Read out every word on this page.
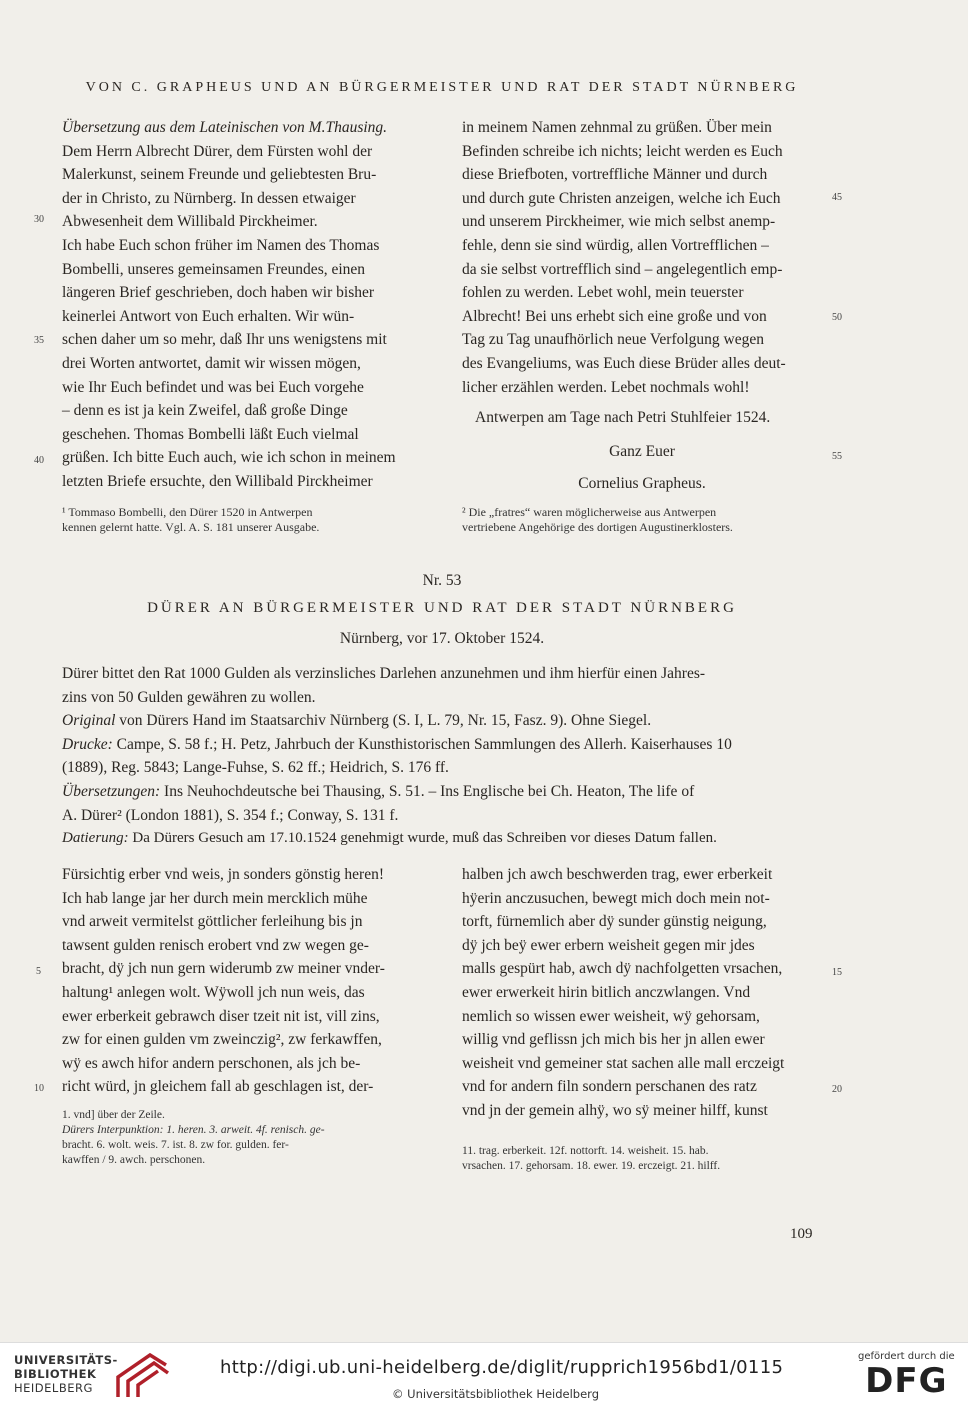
VON C. GRAPHEUS UND AN BÜRGERMEISTER UND RAT DER STADT NÜRNBERG
Übersetzung aus dem Lateinischen von M.Thausing.
Dem Herrn Albrecht Dürer, dem Fürsten wohl der
Malerkunst, seinem Freunde und geliebtesten Bru-
der in Christo, zu Nürnberg. In dessen etwaiger
Abwesenheit dem Willibald Pirckheimer.
Ich habe Euch schon früher im Namen des Thomas
Bombelli, unseres gemeinsamen Freundes, einen
längeren Brief geschrieben, doch haben wir bisher
keinerlei Antwort von Euch erhalten. Wir wün-
schen daher um so mehr, daß Ihr uns wenigstens mit
drei Worten antwortet, damit wir wissen mögen,
wie Ihr Euch befindet und was bei Euch vorgehe
– denn es ist ja kein Zweifel, daß große Dinge
geschehen. Thomas Bombelli läßt Euch vielmal
grüßen. Ich bitte Euch auch, wie ich schon in meinem
letzten Briefe ersuchte, den Willibald Pirckheimer
30
35
40
in meinem Namen zehnmal zu grüßen. Über mein
Befinden schreibe ich nichts; leicht werden es Euch
diese Briefboten, vortreffliche Männer und durch
und durch gute Christen anzeigen, welche ich Euch
und unserem Pirckheimer, wie mich selbst anemp-
fehle, denn sie sind würdig, allen Vortrefflichen –
da sie selbst vortrefflich sind – angelegentlich emp-
fohlen zu werden. Lebet wohl, mein teuerster
Albrecht! Bei uns erhebt sich eine große und von
Tag zu Tag unaufhörlich neue Verfolgung wegen
des Evangeliums, was Euch diese Brüder alles deut-
licher erzählen werden. Lebet nochmals wohl!
Antwerpen am Tage nach Petri Stuhlfeier 1524.
Ganz Euer
Cornelius Grapheus.
45
50
55
¹ Tommaso Bombelli, den Dürer 1520 in Antwerpen
kennen gelernt hatte. Vgl. A. S. 181 unserer Ausgabe.
² Die „fratres“ waren möglicherweise aus Antwerpen
vertriebene Angehörige des dortigen Augustinerklosters.
Nr. 53
DÜRER AN BÜRGERMEISTER UND RAT DER STADT NÜRNBERG
Nürnberg, vor 17. Oktober 1524.
Dürer bittet den Rat 1000 Gulden als verzinsliches Darlehen anzunehmen und ihm hierfür einen Jahres-
zins von 50 Gulden gewähren zu wollen.
Original von Dürers Hand im Staatsarchiv Nürnberg (S. I, L. 79, Nr. 15, Fasz. 9). Ohne Siegel.
Drucke: Campe, S. 58 f.; H. Petz, Jahrbuch der Kunsthistorischen Sammlungen des Allerh. Kaiserhauses 10
(1889), Reg. 5843; Lange-Fuhse, S. 62 ff.; Heidrich, S. 176 ff.
Übersetzungen: Ins Neuhochdeutsche bei Thausing, S. 51. – Ins Englische bei Ch. Heaton, The life of
A. Dürer² (London 1881), S. 354 f.; Conway, S. 131 f.
Datierung: Da Dürers Gesuch am 17.10.1524 genehmigt wurde, muß das Schreiben vor dieses Datum fallen.
Fürsichtig erber vnd weis, jn sonders gönstig heren!
Ich hab lange jar her durch mein mercklich mühe
vnd arweit vermitelst göttlicher ferleihung bis jn
tawsent gulden renisch erobert vnd zw wegen ge-
bracht, dÿ jch nun gern widerumb zw meiner vnder-
haltung¹ anlegen wolt. Wÿwoll jch nun weis, das
ewer erberkeit gebrawch diser tzeit nit ist, vill zins,
zw for einen gulden vm zweinczig², zw ferkawffen,
wÿ es awch hifor andern perschonen, als jch be-
richt würd, jn gleichem fall ab geschlagen ist, der-
5
10
halben jch awch beschwerden trag, ewer erberkeit
hÿerin anczusuchen, bewegt mich doch mein not-
torft, fürnemlich aber dÿ sunder günstig neigung,
dÿ jch beÿ ewer erbern weisheit gegen mir jdes
malls gespürt hab, awch dÿ nachfolgetten vrsachen,
ewer erwerkeit hirin bitlich anczwlangen. Vnd
nemlich so wissen ewer weisheit, wÿ gehorsam,
willig vnd geflissn jch mich bis her jn allen ewer
weisheit vnd gemeiner stat sachen alle mall erczeigt
vnd for andern filn sondern perschanen des ratz
vnd jn der gemein alhÿ, wo sÿ meiner hilff, kunst
15
20
1. vnd] über der Zeile.
Dürers Interpunktion: 1. heren. 3. arweit. 4f. renisch. ge-
bracht. 6. wolt. weis. 7. ist. 8. zw for. gulden. fer-
kawffen / 9. awch. perschonen.
11. trag. erberkeit. 12f. nottorft. 14. weisheit. 15. hab.
vrsachen. 17. gehorsam. 18. ewer. 19. erczeigt. 21. hilff.
109
UNIVERSITÄTS-
BIBLIOTHEK
HEIDELBERG
http://digi.ub.uni-heidelberg.de/diglit/rupprich1956bd1/0115
© Universitätsbibliothek Heidelberg
gefördert durch die
DFG
